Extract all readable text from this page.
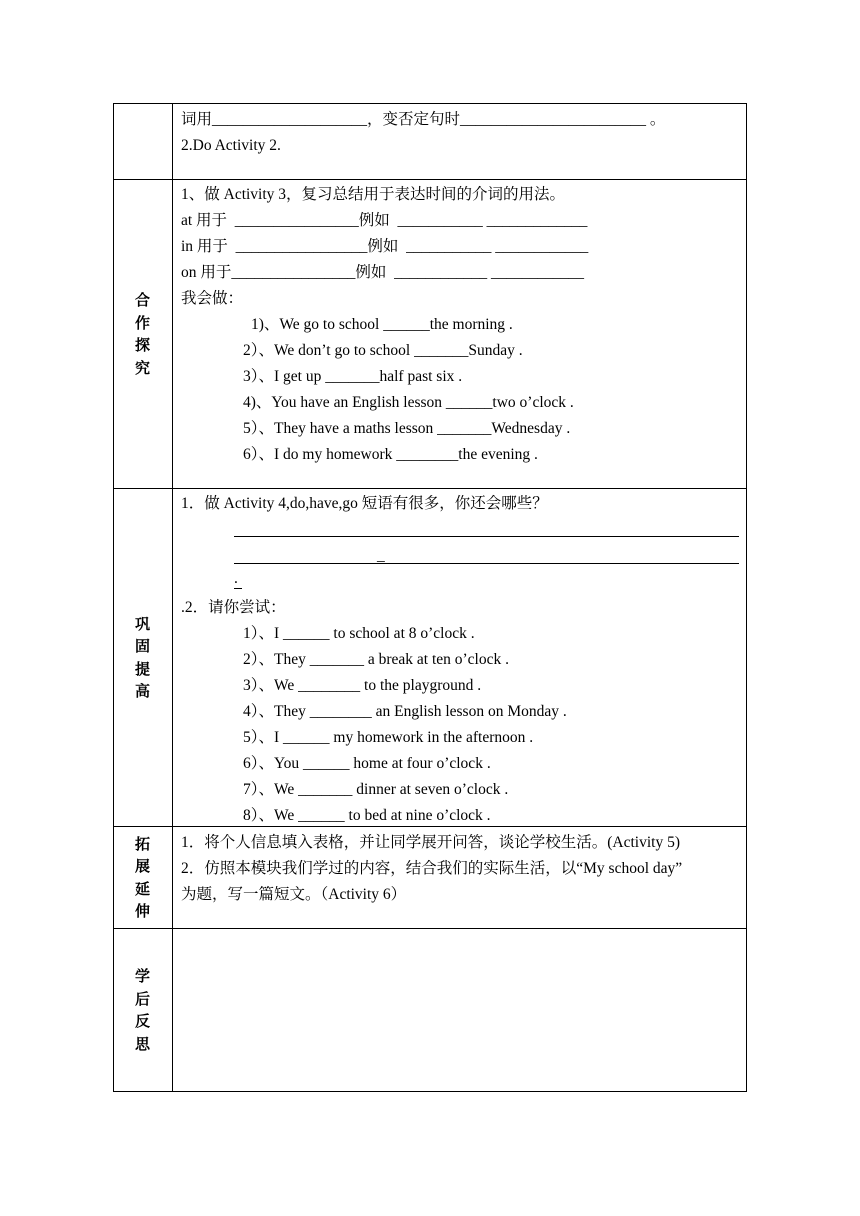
词用____________________，变否定句时________________________ 。
2.Do Activity 2.
合作探究
1、做 Activity 3，复习总结用于表达时间的介词的用法。
at 用于  ________________例如  ___________ _____________
in 用于  _________________例如  ___________ ____________
on 用于________________例如  ____________ ____________
我会做：
1)、We go to school ______the morning .
2）、We don’t go to school _______Sunday .
3）、I get up _______half past six .
4)、You have an English lesson ______two o’clock .
5）、They have a maths lesson _______Wednesday .
6）、I do my homework ________the evening .
巩固提高
1．做 Activity 4,do,have,go 短语有很多，你还会哪些？
_
.
.2．请你尝试：
1）、I ______ to school at 8 o’clock .
2）、They _______ a break at ten o’clock .
3）、We ________ to the playground .
4）、They ________ an English lesson on Monday .
5）、I ______ my homework in the afternoon .
6）、You ______ home at four o’clock .
7）、We _______ dinner at seven o’clock .
8）、We ______ to bed at nine o’clock .
拓展延伸
1．将个人信息填入表格，并让同学展开问答，谈论学校生活。(Activity 5)
2．仿照本模块我们学过的内容，结合我们的实际生活，以“My school day”
为题，写一篇短文。（Activity 6）
学后反思
